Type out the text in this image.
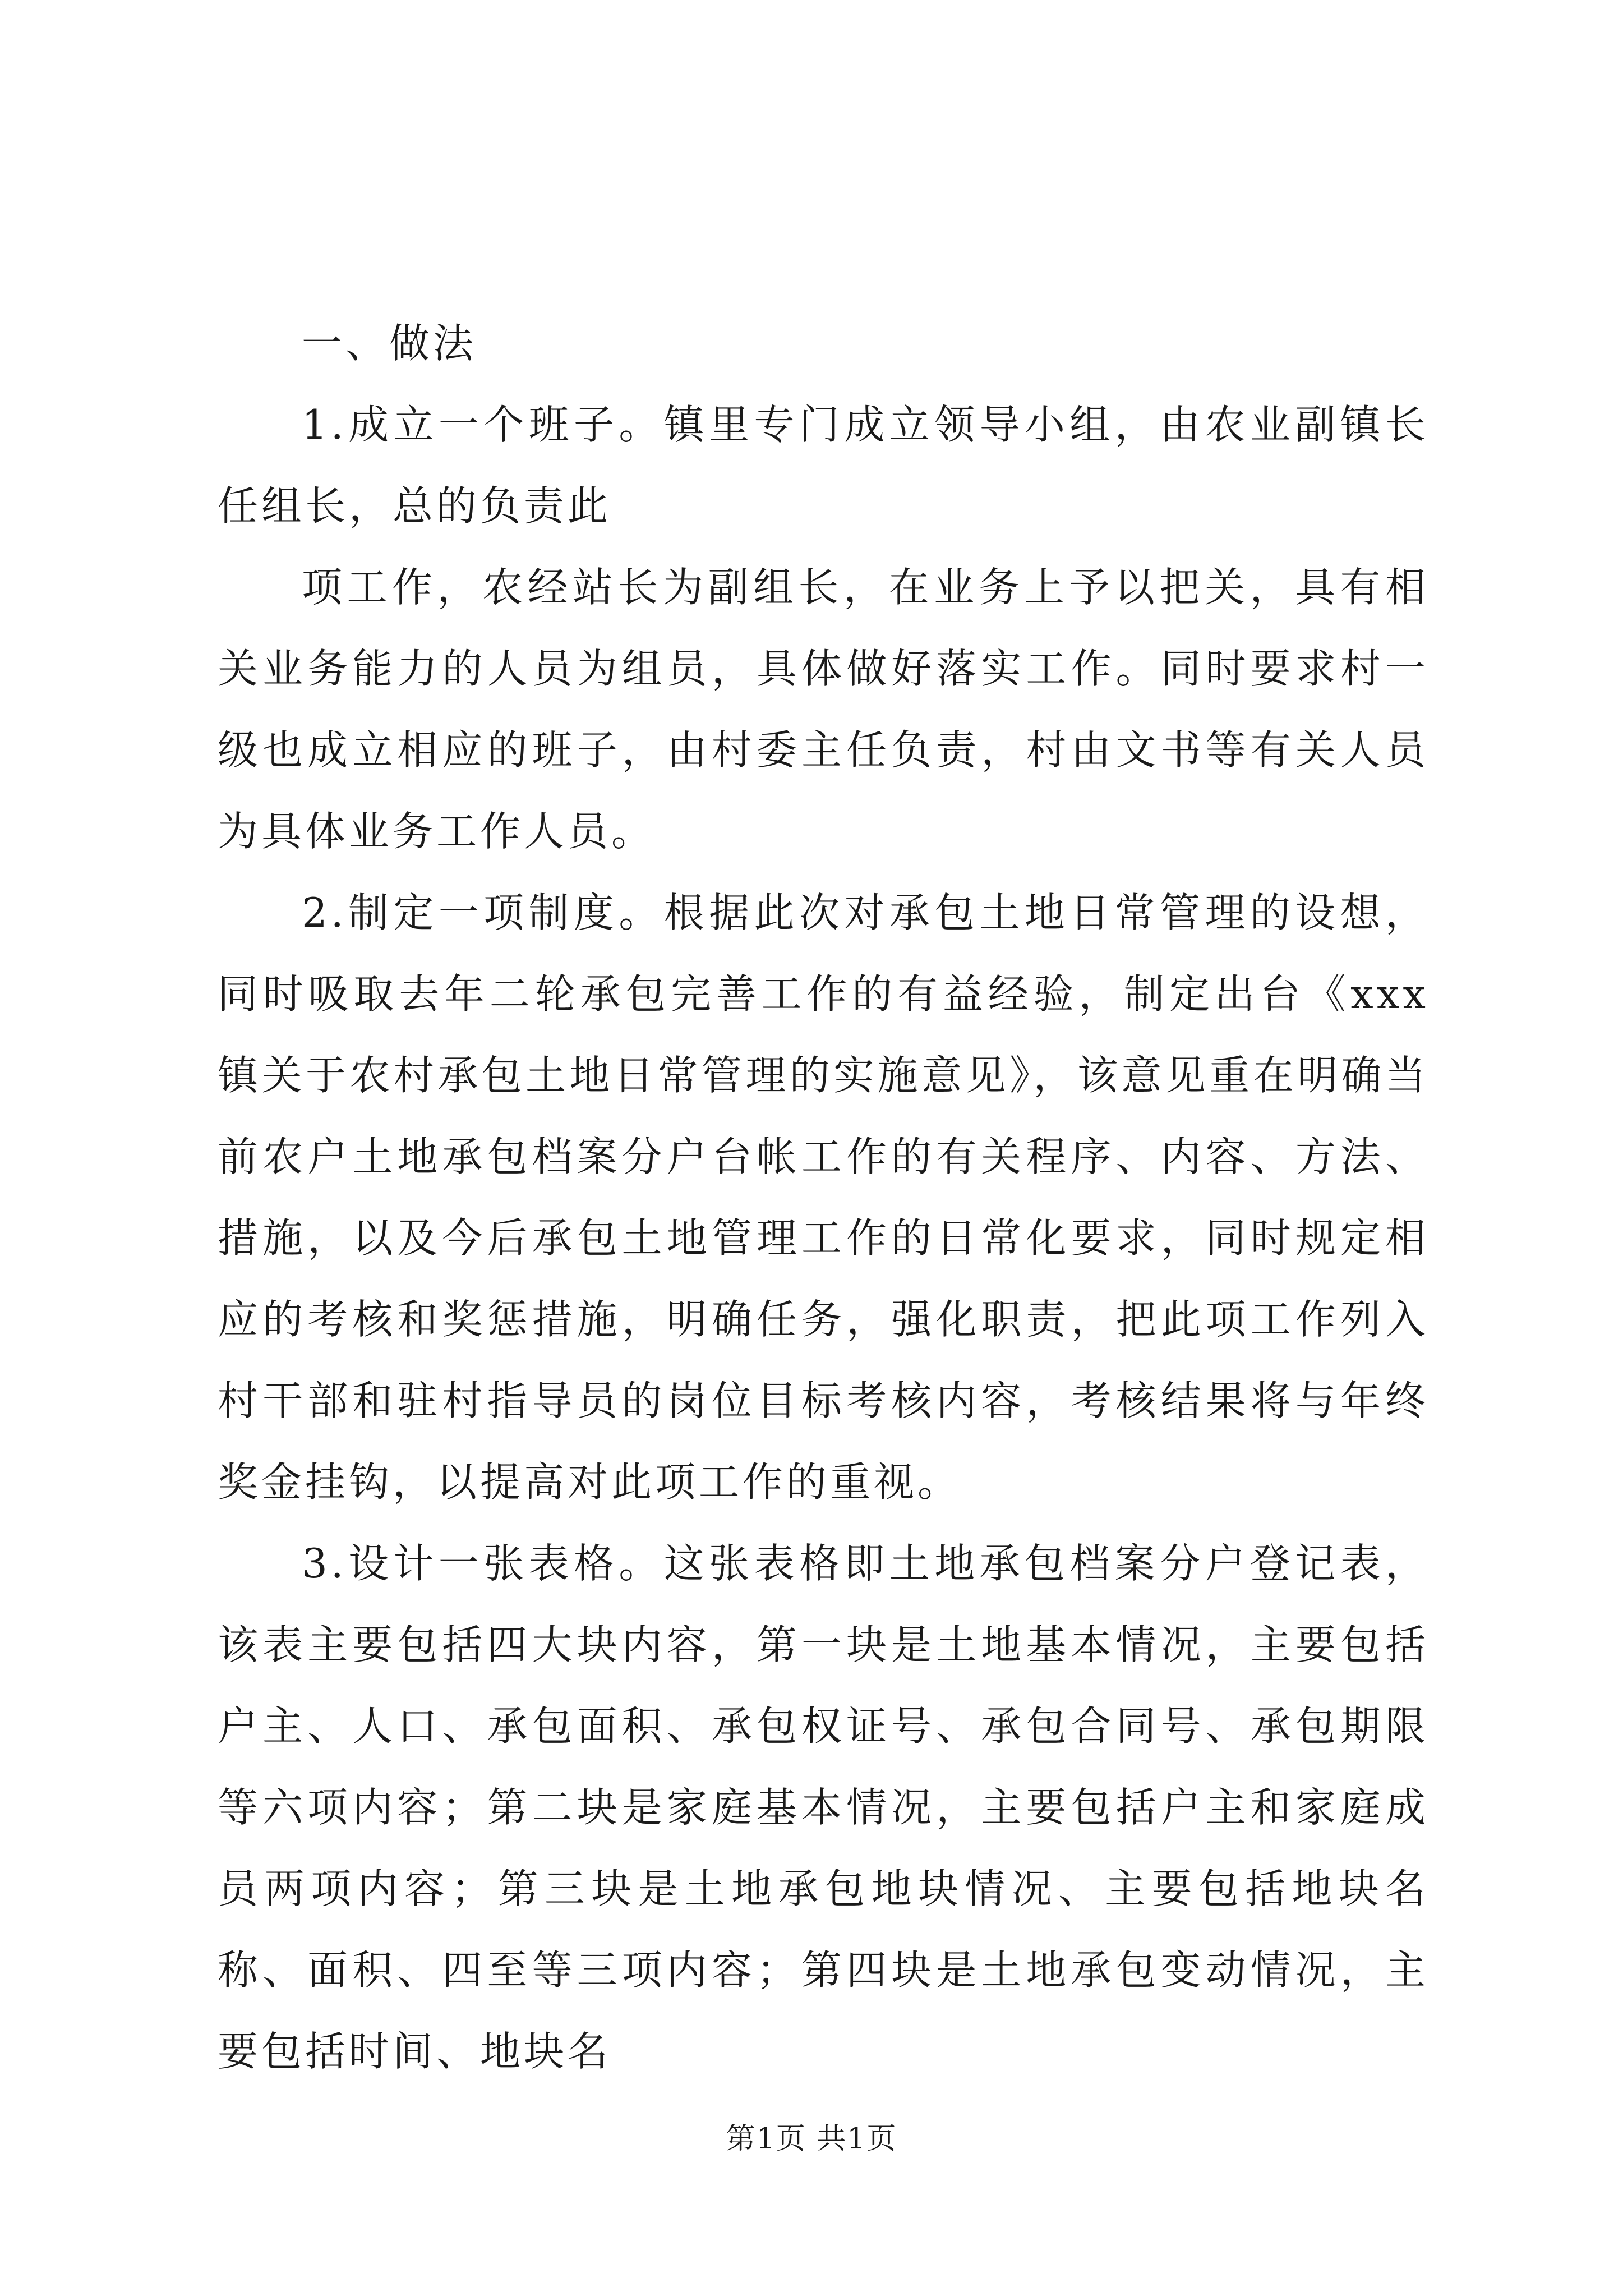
一、做法

1.成立一个班子。镇里专门成立领导小组，由农业副镇长任组长，总的负责此

项工作，农经站长为副组长，在业务上予以把关，具有相关业务能力的人员为组员，具体做好落实工作。同时要求村一级也成立相应的班子，由村委主任负责，村由文书等有关人员为具体业务工作人员。

2.制定一项制度。根据此次对承包土地日常管理的设想，同时吸取去年二轮承包完善工作的有益经验，制定出台《xxx镇关于农村承包土地日常管理的实施意见》，该意见重在明确当前农户土地承包档案分户台帐工作的有关程序、内容、方法、措施，以及今后承包土地管理工作的日常化要求，同时规定相应的考核和奖惩措施，明确任务，强化职责，把此项工作列入村干部和驻村指导员的岗位目标考核内容，考核结果将与年终奖金挂钩，以提高对此项工作的重视。

3.设计一张表格。这张表格即土地承包档案分户登记表，该表主要包括四大块内容，第一块是土地基本情况，主要包括户主、人口、承包面积、承包权证号、承包合同号、承包期限等六项内容；第二块是家庭基本情况，主要包括户主和家庭成员两项内容；第三块是土地承包地块情况、主要包括地块名称、面积、四至等三项内容；第四块是土地承包变动情况，主要包括时间、地块名

第1页 共1页
